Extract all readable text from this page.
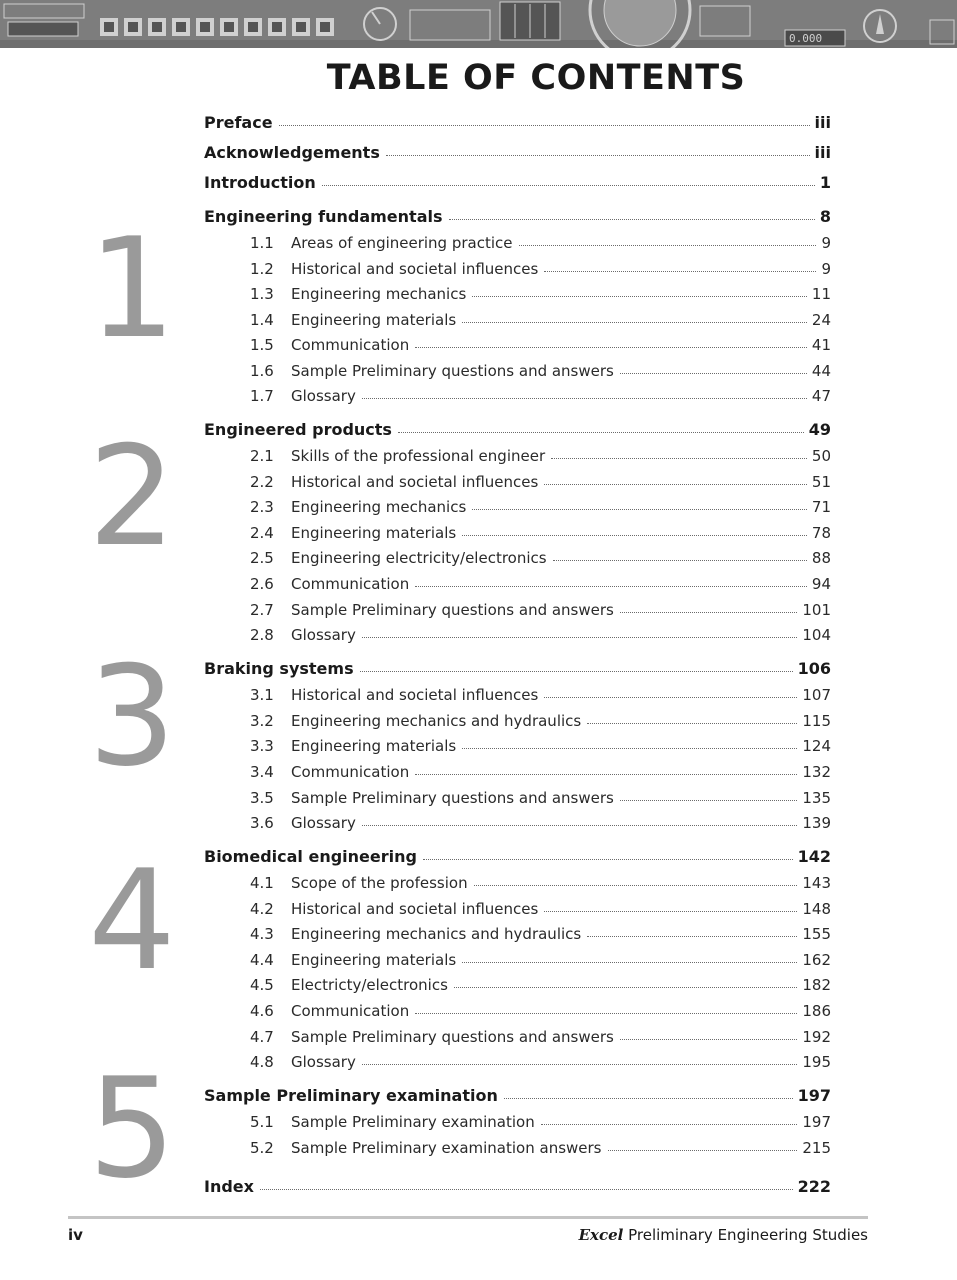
0.000
TABLE OF CONTENTS
Preface	iii
Acknowledgements	iii
Introduction	1
1 Engineering fundamentals	8
1.1	Areas of engineering practice	9
1.2	Historical and societal influences	9
1.3	Engineering mechanics	11
1.4	Engineering materials	24
1.5	Communication	41
1.6	Sample Preliminary questions and answers	44
1.7	Glossary	47
2 Engineered products	49
2.1	Skills of the professional engineer	50
2.2	Historical and societal influences	51
2.3	Engineering mechanics	71
2.4	Engineering materials	78
2.5	Engineering electricity/electronics	88
2.6	Communication	94
2.7	Sample Preliminary questions and answers	101
2.8	Glossary	104
3 Braking systems	106
3.1	Historical and societal influences	107
3.2	Engineering mechanics and hydraulics	115
3.3	Engineering materials	124
3.4	Communication	132
3.5	Sample Preliminary questions and answers	135
3.6	Glossary	139
4 Biomedical engineering	142
4.1	Scope of the profession	143
4.2	Historical and societal influences	148
4.3	Engineering mechanics and hydraulics	155
4.4	Engineering materials	162
4.5	Electricty/electronics	182
4.6	Communication	186
4.7	Sample Preliminary questions and answers	192
4.8	Glossary	195
5 Sample Preliminary examination	197
5.1	Sample Preliminary examination	197
5.2	Sample Preliminary examination answers	215
Index	222
iv	Excel Preliminary Engineering Studies
